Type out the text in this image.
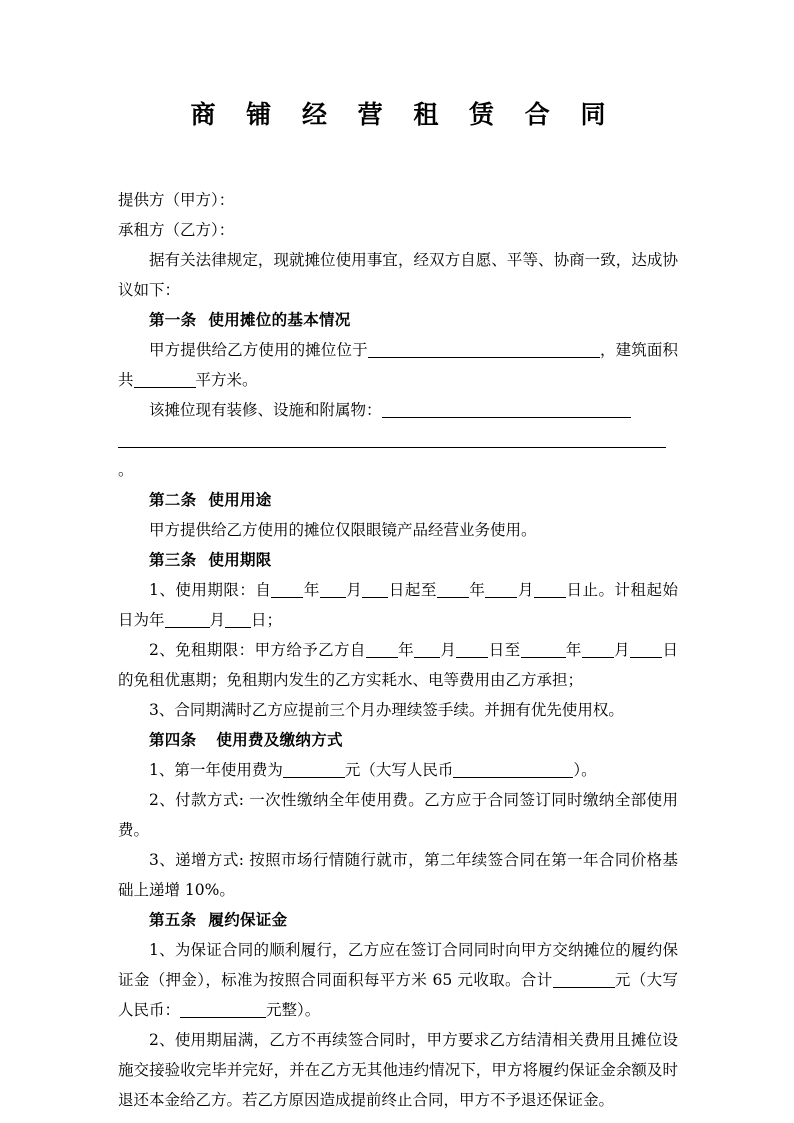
商 铺 经 营 租 赁 合 同

提供方（甲方）：

承租方（乙方）：

据有关法律规定，现就摊位使用事宜，经双方自愿、平等、协商一致，达成协议如下：

第一条 使用摊位的基本情况

甲方提供给乙方使用的摊位位于	，建筑面积共	平方米。

该摊位现有装修、设施和附属物：

。

第二条 使用用途

甲方提供给乙方使用的摊位仅限眼镜产品经营业务使用。

第三条 使用期限

1、使用期限：自 年 月 日起至 年 月 日止。计租起始日为年	月 日；

2、免租期限：甲方给予乙方自 年 月 日至	年 月 日的免租优惠期；免租期内发生的乙方实耗水、电等费用由乙方承担；

3、合同期满时乙方应提前三个月办理续签手续。并拥有优先使用权。

第四条 使用费及缴纳方式

1、第一年使用费为	元（大写人民币	）。

2、付款方式: 一次性缴纳全年使用费。乙方应于合同签订同时缴纳全部使用费。

3、递增方式: 按照市场行情随行就市，第二年续签合同在第一年合同价格基础上递增 10%。

第五条 履约保证金

1、为保证合同的顺利履行，乙方应在签订合同同时向甲方交纳摊位的履约保证金（押金），标准为按照合同面积每平方米 65 元收取。合计	元（大写人民币：	元整）。

2、使用期届满，乙方不再续签合同时，甲方要求乙方结清相关费用且摊位设施交接验收完毕并完好，并在乙方无其他违约情况下，甲方将履约保证金余额及时退还本金给乙方。若乙方原因造成提前终止合同，甲方不予退还保证金。
